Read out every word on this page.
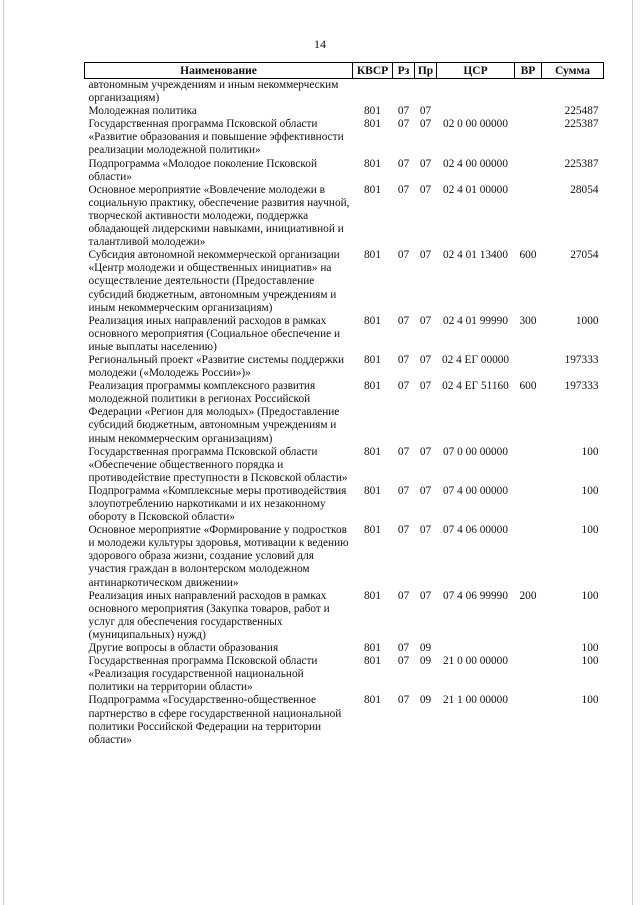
14
Наименование	КВСР	Рз	Пр	ЦСР	ВР	Сумма
автономным учреждениям и иным некоммерческим организациям)						
Молодежная политика	801	07	07			225487
Государственная программа Псковской области «Развитие образования и повышение эффективности реализации молодежной политики»	801	07	07	02 0 00 00000		225387
Подпрограмма «Молодое поколение Псковской области»	801	07	07	02 4 00 00000		225387
Основное мероприятие «Вовлечение молодежи в социальную практику, обеспечение развития научной, творческой активности молодежи, поддержка обладающей лидерскими навыками, инициативной и талантливой молодежи»	801	07	07	02 4 01 00000		28054
Субсидия автономной некоммерческой организации «Центр молодежи и общественных инициатив» на осуществление деятельности (Предоставление субсидий бюджетным, автономным учреждениям и иным некоммерческим организациям)	801	07	07	02 4 01 13400	600	27054
Реализация иных направлений расходов в рамках основного мероприятия (Социальное обеспечение и иные выплаты населению)	801	07	07	02 4 01 99990	300	1000
Региональный проект «Развитие системы поддержки молодежи («Молодежь России»)»	801	07	07	02 4 ЕГ 00000		197333
Реализация программы комплексного развития молодежной политики в регионах Российской Федерации «Регион для молодых» (Предоставление субсидий бюджетным, автономным учреждениям и иным некоммерческим организациям)	801	07	07	02 4 ЕГ 51160	600	197333
Государственная программа Псковской области «Обеспечение общественного порядка и противодействие преступности в Псковской области»	801	07	07	07 0 00 00000		100
Подпрограмма «Комплексные меры противодействия злоупотреблению наркотиками и их незаконному обороту в Псковской области»	801	07	07	07 4 00 00000		100
Основное мероприятие «Формирование у подростков и молодежи культуры здоровья, мотивации к ведению здорового образа жизни, создание условий для участия граждан в волонтерском молодежном антинаркотическом движении»	801	07	07	07 4 06 00000		100
Реализация иных направлений расходов в рамках основного мероприятия (Закупка товаров, работ и услуг для обеспечения государственных (муниципальных) нужд)	801	07	07	07 4 06 99990	200	100
Другие вопросы в области образования	801	07	09			100
Государственная программа Псковской области «Реализация государственной национальной политики на территории области»	801	07	09	21 0 00 00000		100
Подпрограмма «Государственно-общественное партнерство в сфере государственной национальной политики Российской Федерации на территории области»	801	07	09	21 1 00 00000		100
